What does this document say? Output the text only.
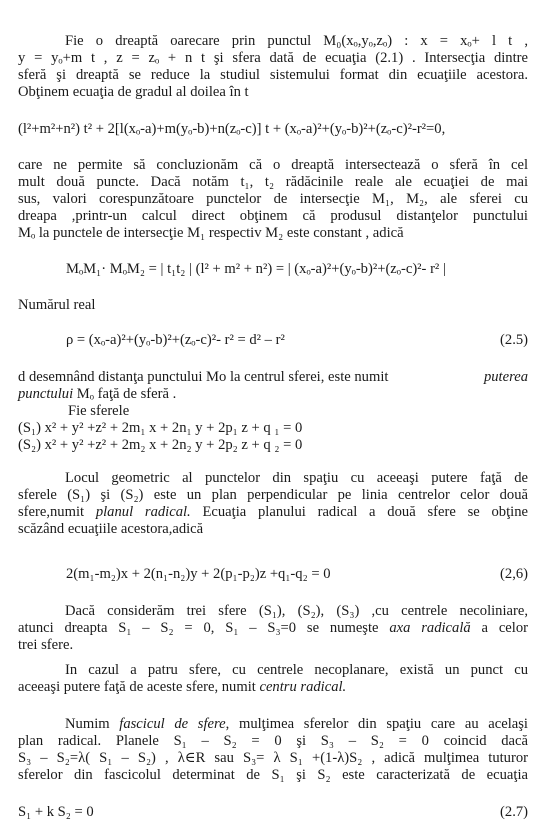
Fie o dreaptă oarecare prin punctul M₀(xₒ,yₒ,zₒ) : x = xₒ+ l t ,
y = yₒ+m t , z = zₒ + n t şi sfera dată de ecuaţia (2.1) . Intersecţia dintre
sferă şi dreaptă se reduce la studiul sistemului format din ecuaţiile acestora.
Obţinem ecuaţia de gradul al doilea în t
(l²+m²+n²) t² + 2[l(xₒ-a)+m(yₒ-b)+n(zₒ-c)] t + (xₒ-a)²+(yₒ-b)²+(zₒ-c)²-r²=0,
care ne permite să concluzionăm că o dreaptă intersectează o sferă în cel
mult două puncte. Dacă notăm t₁, t₂ rădăcinile reale ale ecuaţiei de mai
sus, valori corespunzătoare punctelor de intersecţie M₁, M₂, ale sferei cu
dreapa ,printr-un calcul direct obţinem că produsul distanţelor punctului
Mₒ la punctele de intersecţie M₁ respectiv M₂ este constant , adică
MₒM₁· MₒM₂ = | t₁t₂ | (l² + m² + n²) = | (xₒ-a)²+(yₒ-b)²+(zₒ-c)²- r² |
Numărul real
ρ = (xₒ-a)²+(yₒ-b)²+(zₒ-c)²- r² = d² – r²	(2.5)
d desemnând distanţa punctului Mo la centrul sferei, este numit	puterea
punctului Mₒ faţă de sferă .
Fie sferele
(S₁) x² + y² +z² + 2m₁ x + 2n₁ y + 2p₁ z + q ₁ = 0
(S₂) x² + y² +z² + 2m₂ x + 2n₂ y + 2p₂ z + q ₂ = 0
Locul geometric al punctelor din spaţiu cu aceeaşi putere faţă de
sferele (S₁) şi (S₂) este un plan perpendicular pe linia centrelor celor două
sfere,numit planul radical. Ecuaţia planului radical a două sfere se obţine
scăzând ecuaţiile acestora,adică
2(m₁-m₂)x + 2(n₁-n₂)y + 2(p₁-p₂)z +q₁-q₂ = 0	(2,6)
Dacă considerăm trei sfere (S₁), (S₂), (S₃) ,cu centrele necoliniare,
atunci dreapta S₁ – S₂ = 0, S₁ – S₃=0 se numeşte axa radicală a celor
trei sfere.
In cazul a patru sfere, cu centrele necoplanare, există un punct cu
aceeaşi putere faţă de aceste sfere, numit centru radical.
Numim fascicul de sfere, mulţimea sferelor din spaţiu care au acelaşi
plan radical. Planele S₁ – S₂ = 0 şi S₃ – S₂ = 0 coincid dacă
S₃ – S₂=λ( S₁ – S₂) , λ∈R sau S₃= λ S₁ +(1-λ)S₂ , adică mulţimea tuturor
sferelor din fascicolul determinat de S₁ şi S₂ este caracterizată de ecuaţia
S₁ + k S₂ = 0	(2.7)
